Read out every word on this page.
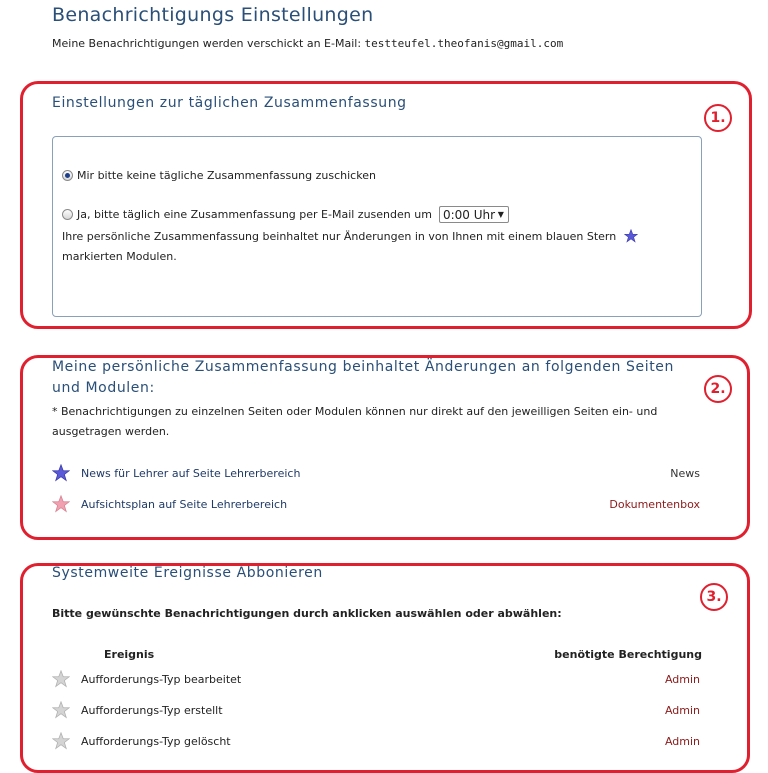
Benachrichtigungs Einstellungen
Meine Benachrichtigungen werden verschickt an E-Mail: testteufel.theofanis@gmail.com
1.
Einstellungen zur täglichen Zusammenfassung
Mir bitte keine tägliche Zusammenfassung zuschicken
Ja, bitte täglich eine Zusammenfassung per E-Mail zusenden um 0:00 Uhr ▼
Ihre persönliche Zusammenfassung beinhaltet nur Änderungen in von Ihnen mit einem blauen Stern
markierten Modulen.
2.
Meine persönliche Zusammenfassung beinhaltet Änderungen an folgenden Seiten und Modulen:
* Benachrichtigungen zu einzelnen Seiten oder Modulen können nur direkt auf den jeweilligen Seiten ein- und ausgetragen werden.
News für Lehrer auf Seite Lehrerbereich	News
Aufsichtsplan auf Seite Lehrerbereich	Dokumentenbox
3.
Systemweite Ereignisse Abbonieren
Bitte gewünschte Benachrichtigungen durch anklicken auswählen oder abwählen:
Ereignis	benötigte Berechtigung
Aufforderungs-Typ bearbeitet	Admin
Aufforderungs-Typ erstellt	Admin
Aufforderungs-Typ gelöscht	Admin
